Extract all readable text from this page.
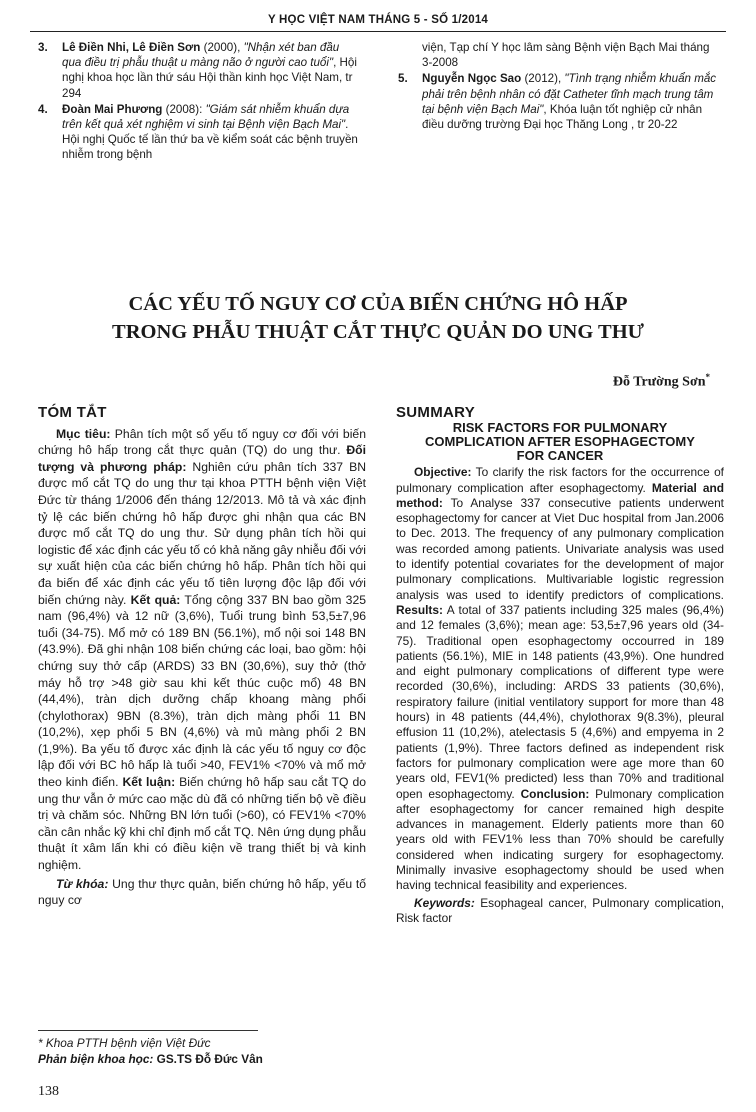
Y HỌC VIỆT NAM THÁNG 5 - SỐ 1/2014
3. Lê Điền Nhi, Lê Điền Sơn (2000), "Nhận xét ban đầu qua điều trị phẫu thuật u màng não ở người cao tuổi", Hội nghị khoa học lần thứ sáu Hội thần kinh học Việt Nam, tr 294
4. Đoàn Mai Phương (2008): "Giám sát nhiễm khuẩn dựa trên kết quả xét nghiệm vi sinh tại Bệnh viện Bạch Mai". Hội nghị Quốc tế lần thứ ba về kiểm soát các bệnh truyền nhiễm trong bệnh
viện, Tạp chí Y học lâm sàng Bệnh viện Bạch Mai tháng 3-2008
5. Nguyễn Ngọc Sao (2012), "Tình trạng nhiễm khuẩn mắc phải trên bệnh nhân có đặt Catheter tĩnh mạch trung tâm tại bệnh viện Bạch Mai", Khóa luận tốt nghiệp cử nhân điều dưỡng trường Đại học Thăng Long , tr 20-22
CÁC YẾU TỐ NGUY CƠ CỦA BIẾN CHỨNG HÔ HẤP
TRONG PHẪU THUẬT CẮT THỰC QUẢN DO UNG THƯ
Đỗ Trường Sơn*
TÓM TẮT

Mục tiêu: Phân tích một số yếu tố nguy cơ đối với biến chứng hô hấp trong cắt thực quản (TQ) do ung thư. Đối tượng và phương pháp: Nghiên cứu phân tích 337 BN được mổ cắt TQ do ung thư tại khoa PTTH bệnh viện Việt Đức từ tháng 1/2006 đến tháng 12/2013. Mô tả và xác định tỷ lệ các biến chứng hô hấp được ghi nhận qua các BN được mổ cắt TQ do ung thư. Sử dụng phân tích hồi qui logistic để xác định các yếu tố có khả năng gây nhiễu đối với sự xuất hiện của các biến chứng hô hấp. Phân tích hồi qui đa biến để xác định các yếu tố tiên lượng độc lập đối với biến chứng này. Kết quả: Tổng cộng 337 BN bao gồm 325 nam (96,4%) và 12 nữ (3,6%), Tuổi trung bình 53,5±7,96 tuổi (34-75). Mổ mở có 189 BN (56.1%), mổ nội soi 148 BN (43.9%). Đã ghi nhận 108 biến chứng các loại, bao gồm: hội chứng suy thở cấp (ARDS) 33 BN (30,6%), suy thở (thở máy hỗ trợ >48 giờ sau khi kết thúc cuộc mổ) 48 BN (44,4%), tràn dịch dưỡng chấp khoang màng phổi (chylothorax) 9BN (8.3%), tràn dịch màng phổi 11 BN (10,2%), xẹp phổi 5 BN (4,6%) và mủ màng phổi 2 BN (1,9%). Ba yếu tố được xác định là các yếu tố nguy cơ độc lập đối với BC hô hấp là tuổi >40, FEV1% <70% và mổ mở theo kinh điển. Kết luận: Biến chứng hô hấp sau cắt TQ do ung thư vẫn ở mức cao mặc dù đã có những tiến bộ về điều trị và chăm sóc. Những BN lớn tuổi (>60), có FEV1% <70% cần cân nhắc kỹ khi chỉ định mổ cắt TQ. Nên ứng dụng phẫu thuật ít xâm lấn khi có điều kiện về trang thiết bị và kinh nghiệm.

Từ khóa: Ung thư thực quản, biến chứng hô hấp, yếu tố nguy cơ

SUMMARY
RISK FACTORS FOR PULMONARY
COMPLICATION AFTER ESOPHAGECTOMY
FOR CANCER

Objective: To clarify the risk factors for the occurrence of pulmonary complication after esophagectomy. Material and method: To Analyse 337 consecutive patients underwent esophagectomy for cancer at Viet Duc hospital from Jan.2006 to Dec. 2013. The frequency of any pulmonary complication was recorded among patients. Univariate analysis was used to identify potential covariates for the development of major pulmonary complications. Multivariable logistic regression analysis was used to identify predictors of complications. Results: A total of 337 patients including 325 males (96,4%) and 12 females (3,6%); mean age: 53,5±7,96 years old (34-75). Traditional open esophagectomy occourred in 189 patients (56.1%), MIE in 148 patients (43,9%). One hundred and eight pulmonary complications of different type were recorded (30,6%), including: ARDS 33 patients (30,6%), respiratory failure (initial ventilatory support for more than 48 hours) in 48 patients (44,4%), chylothorax 9(8.3%), pleural effusion 11 (10,2%), atelectasis 5 (4,6%) and empyema in 2 patients (1,9%). Three factors defined as independent risk factors for pulmonary complication were age more than 60 years old, FEV1(% predicted) less than 70% and traditional open esophagectomy. Conclusion: Pulmonary complication after esophagectomy for cancer remained high despite advances in management. Elderly patients more than 60 years old with FEV1% less than 70% should be carefully considered when indicating surgery for esophagectomy. Minimally invasive esophagectomy should be used when having technical feasibility and experiences.

Keywords: Esophageal cancer, Pulmonary complication, Risk factor

* Khoa PTTH bệnh viện Việt Đức
Phản biện khoa học: GS.TS Đỗ Đức Vân
138
